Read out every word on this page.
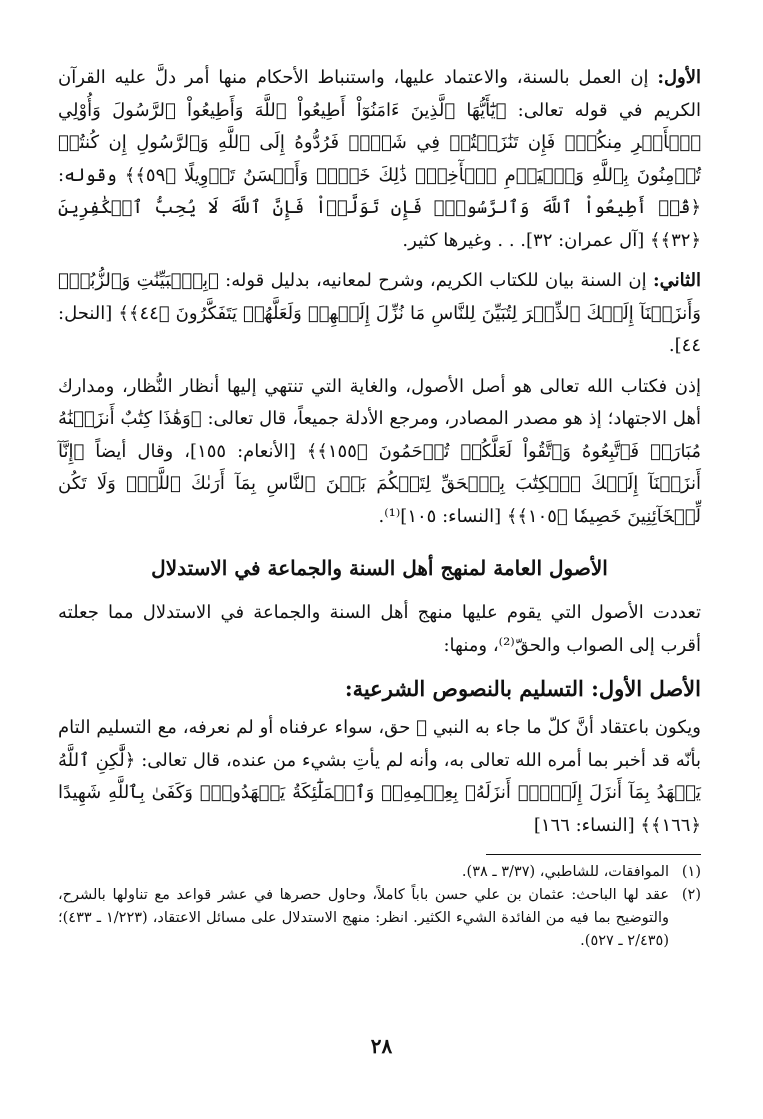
الأول: إن العمل بالسنة، والاعتماد عليها، واستنباط الأحكام منها أمر دلَّ عليه القرآن الكريم في قوله تعالى: ﴿يَٰٓأَيُّهَا ٱلَّذِينَ ءَامَنُوٓاْ أَطِيعُواْ ٱللَّهَ وَأَطِيعُواْ ٱلرَّسُولَ وَأُوْلِي ٱلۡأَمۡرِ مِنكُمۡۖ فَإِن تَنَٰزَعۡتُمۡ فِي شَيۡءٖ فَرُدُّوهُ إِلَى ٱللَّهِ وَٱلرَّسُولِ إِن كُنتُمۡ تُؤۡمِنُونَ بِٱللَّهِ وَٱلۡيَوۡمِ ٱلۡأٓخِرِۚ ذَٰلِكَ خَيۡرٞ وَأَحۡسَنُ تَأۡوِيلًا ﴿٥٩﴾﴾ وقوله: ﴿قُلۡ أَطِيعُواْ ٱللَّهَ وَٱلرَّسُولَۖ فَإِن تَوَلَّوۡاْ فَإِنَّ ٱللَّهَ لَا يُحِبُّ ٱلۡكَٰفِرِينَ ﴿٣٢﴾﴾ [آل عمران: ٣٢]. . . وغيرها كثير.

الثاني: إن السنة بيان للكتاب الكريم، وشرح لمعانيه، بدليل قوله: ﴿بِٱلۡبَيِّنَٰتِ وَٱلزُّبُرِۗ وَأَنزَلۡنَآ إِلَيۡكَ ٱلذِّكۡرَ لِتُبَيِّنَ لِلنَّاسِ مَا نُزِّلَ إِلَيۡهِمۡ وَلَعَلَّهُمۡ يَتَفَكَّرُونَ ﴿٤٤﴾﴾ [النحل: ٤٤].

إذن فكتاب الله تعالى هو أصل الأصول، والغاية التي تنتهي إليها أنظار النُّظار، ومدارك أهل الاجتهاد؛ إذ هو مصدر المصادر، ومرجع الأدلة جميعاً، قال تعالى: ﴿وَهَٰذَا كِتَٰبٌ أَنزَلۡنَٰهُ مُبَارَكٞ فَٱتَّبِعُوهُ وَٱتَّقُواْ لَعَلَّكُمۡ تُرۡحَمُونَ ﴿١٥٥﴾﴾ [الأنعام: ١٥٥]، وقال أيضاً ﴿إِنَّآ أَنزَلۡنَآ إِلَيۡكَ ٱلۡكِتَٰبَ بِٱلۡحَقِّ لِتَحۡكُمَ بَيۡنَ ٱلنَّاسِ بِمَآ أَرَىٰكَ ٱللَّهُۚ وَلَا تَكُن لِّلۡخَآئِنِينَ خَصِيمٗا ﴿١٠٥﴾﴾ [النساء: ١٠٥]⁽¹⁾.

الأصول العامة لمنهج أهل السنة والجماعة في الاستدلال

تعددت الأصول التي يقوم عليها منهج أهل السنة والجماعة في الاستدلال مما جعلته أقرب إلى الصواب والحقّ⁽²⁾، ومنها:

الأصل الأول: التسليم بالنصوص الشرعية:

ويكون باعتقاد أنَّ كلّ ما جاء به النبي ﷺ حق، سواء عرفناه أو لم نعرفه، مع التسليم التام بأنّه قد أخبر بما أمره الله تعالى به، وأنه لم يأتِ بشيء من عنده، قال تعالى: ﴿لَّٰكِنِ ٱللَّهُ يَشۡهَدُ بِمَآ أَنزَلَ إِلَيۡكَۖ أَنزَلَهُۥ بِعِلۡمِهِۦۖ وَٱلۡمَلَٰٓئِكَةُ يَشۡهَدُونَۚ وَكَفَىٰ بِٱللَّهِ شَهِيدًا ﴿١٦٦﴾﴾ [النساء: ١٦٦]

(١)
الموافقات، للشاطبي، (٣/٣٧ ـ ٣٨).
(٢)
عقد لها الباحث: عثمان بن علي حسن باباً كاملاً، وحاول حصرها في عشر قواعد مع تناولها بالشرح، والتوضيح بما فيه من الفائدة الشيء الكثير. انظر: منهج الاستدلال على مسائل الاعتقاد، (١/٢٢٣ ـ ٤٣٣)؛ (٢/٤٣٥ ـ ٥٢٧).
٢٨
